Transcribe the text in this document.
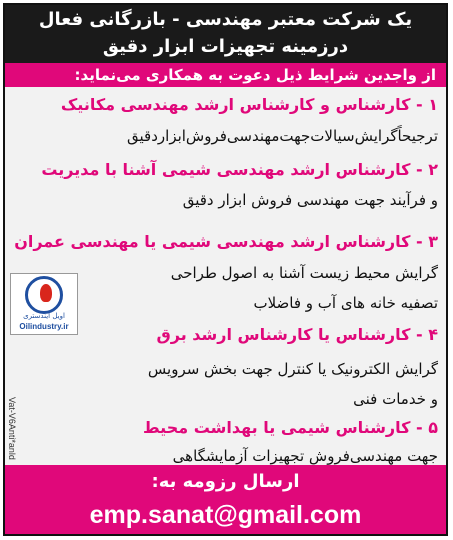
یک شرکت معتبر مهندسی - بازرگانی فعال
درزمینه تجهیزات ابزار دقیق
از واجدین شرایط ذیل دعوت به همکاری می‌نماید:
۱ - کارشناس و کارشناس ارشد مهندسی مکانیک
ترجیحاًگرایش‌سیالات‌جهت‌مهندسی‌فروش‌ابزاردقیق
۲ - کارشناس ارشد مهندسی شیمی آشنا با مدیریت
و فرآیند جهت مهندسی فروش ابزار دقیق
۳ - کارشناس ارشد مهندسی شیمی یا مهندسی عمران
گرایش محیط زیست آشنا به اصول طراحی
تصفیه خانه های آب و فاضلاب
۴ - کارشناس یا کارشناس ارشد برق
گرایش الکترونیک یا کنترل جهت بخش سرویس
و خدمات فنی
۵ - کارشناس شیمی یا بهداشت محیط
جهت مهندسی‌فروش تجهیزات آزمایشگاهی
اویل ایندستری
Oilindustry.ir
Vat-V6Anti*anld
ارسال رزومه به:
emp.sanat@gmail.com
